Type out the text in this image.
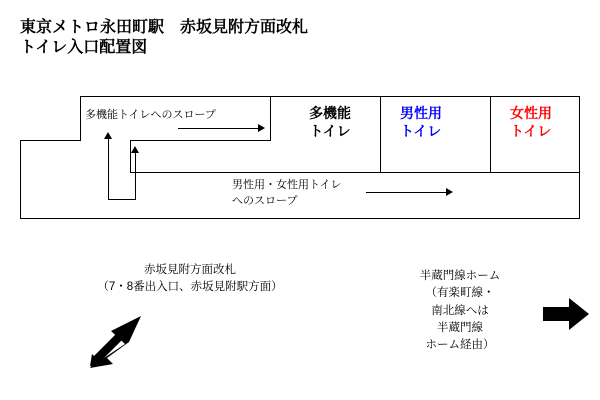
東京メトロ永田町駅　赤坂見附方面改札
トイレ入口配置図
多機能トイレへのスロープ
男性用・女性用トイレ
へのスロープ
多機能
トイレ
男性用
トイレ
女性用
トイレ
赤坂見附方面改札
（7・8番出入口、赤坂見附駅方面）
半蔵門線ホーム
（有楽町線・
南北線へは
半蔵門線
ホーム経由）
